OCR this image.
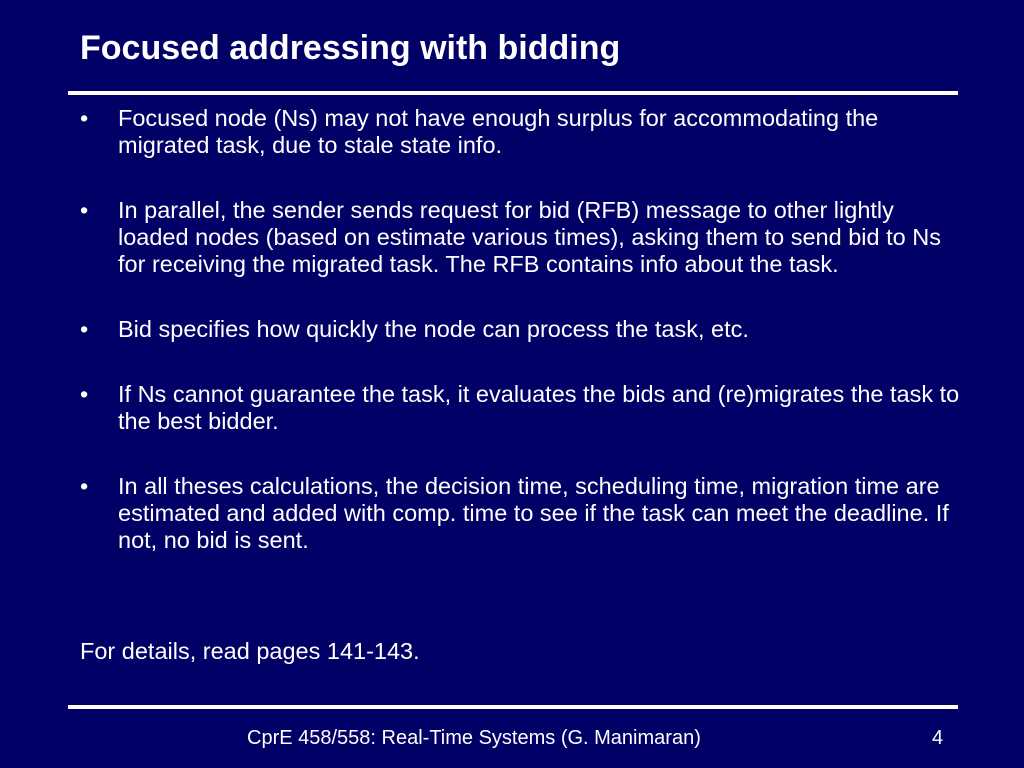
Focused addressing with bidding
•	Focused node (Ns) may not have enough surplus for accommodating the migrated task, due to stale state info.
•	In parallel, the sender sends request for bid (RFB) message to other lightly loaded nodes (based on estimate various times), asking them to send bid to Ns for receiving the migrated task. The RFB contains info about the task.
•	Bid specifies how quickly the node can process the task, etc.
•	If Ns cannot guarantee the task, it evaluates the bids and (re)migrates the task to the best bidder.
•	In all theses calculations, the decision time, scheduling time, migration time are estimated and added with comp. time to see if the task can meet the deadline. If not, no bid is sent.
For details, read pages 141-143.
CprE 458/558: Real-Time Systems (G. Manimaran)	4
